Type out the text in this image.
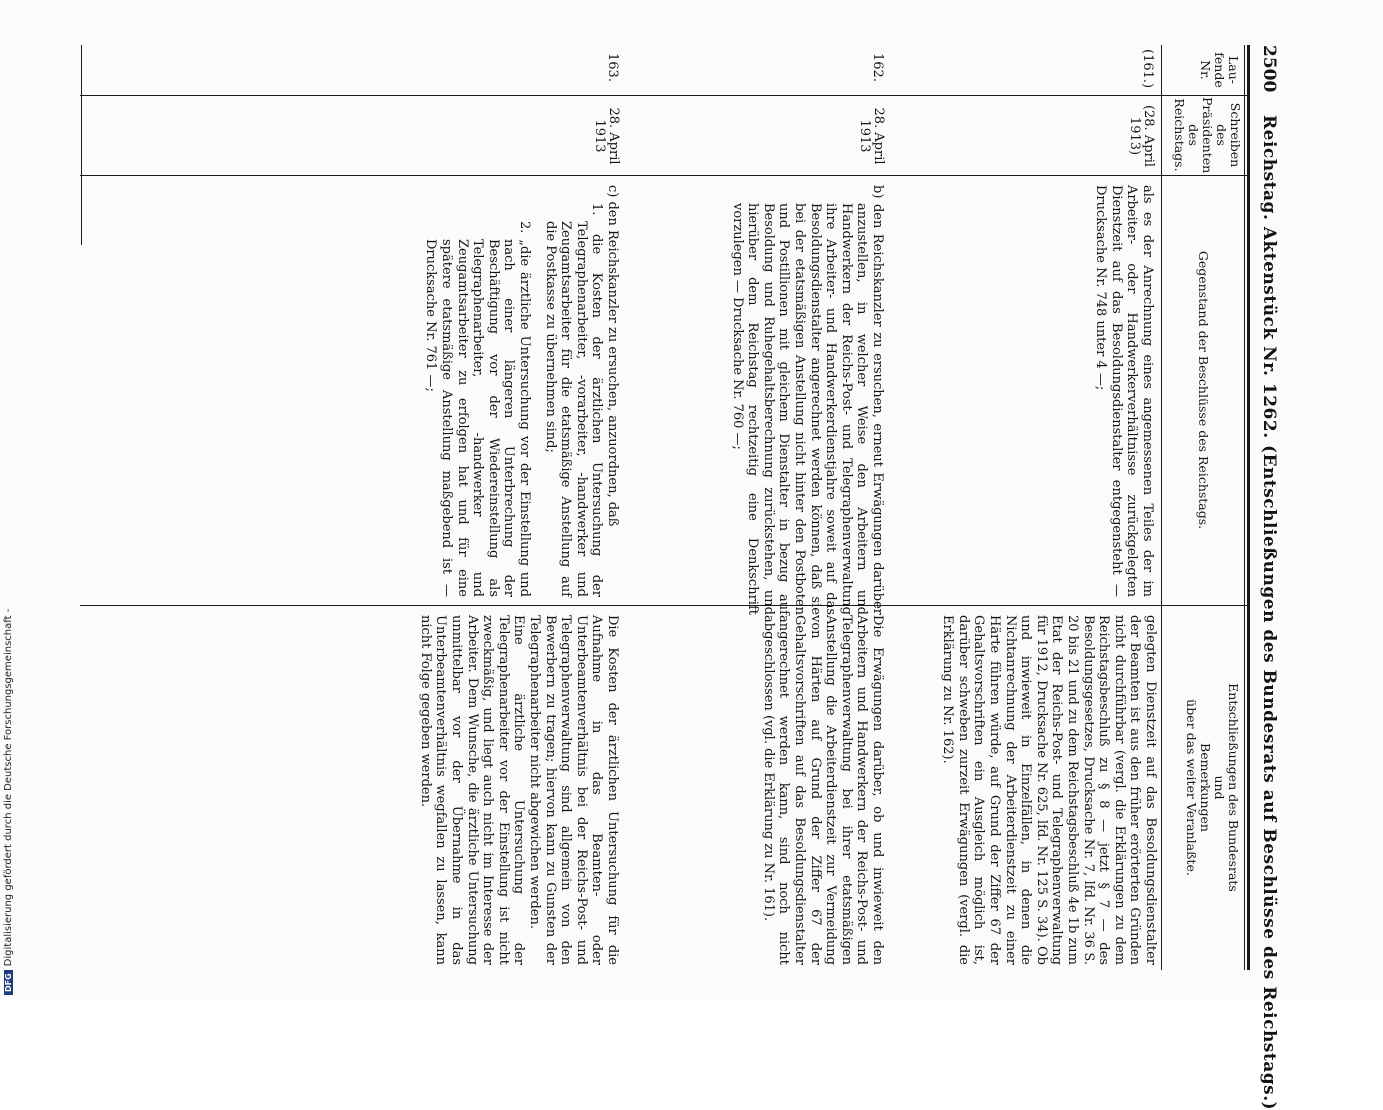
2500
Reichstag. Aktenstück Nr. 1262. (Entschließungen des Bundesrats auf Beschlüsse des Reichstags.)
Lau-
fende
Nr.
Schreiben
des
Präsidenten
des
Reichstags.
Gegenstand der Beschlüsse des Reichstags.
Entschließungen des Bundesrats
und
Bemerkungen
über das weiter Veranlaßte.
(161.)
(28. April
1913)

als es der Anrechnung eines angemessenen Teiles der im Arbeiter- oder Handwerkerverhältnisse zurückgelegten Dienstzeit auf das Besoldungsdienstalter entgegensteht — Drucksache Nr. 748 unter 4 —;

gelegten Dienstzeit auf das Besoldungsdienstalter der Beamten ist aus den früher erörterten Gründen nicht durchführbar (vergl. die Erklärungen zu dem Reichstagsbeschluß zu § 8 — jetzt § 7 — des Besoldungsgesetzes, Drucksache Nr. 7, lfd. Nr. 36 S. 20 bis 21 und zu dem Reichstagsbeschluß 4e 1b zum Etat der Reichs-Post- und Telegraphenverwaltung für 1912, Drucksache Nr. 625, lfd. Nr. 125 S. 34). Ob und inwieweit in Einzelfällen, in denen die Nichtanrechnung der Arbeiterdienstzeit zu einer Härte führen würde, auf Grund der Ziffer 67 der Gehaltsvorschriften ein Ausgleich möglich ist, darüber schweben zurzeit Erwägungen (vergl. die Erklärung zu Nr. 162).

162.
28. April
1913

b) den Reichskanzler zu ersuchen, erneut Erwägungen darüber anzustellen, in welcher Weise den Arbeitern und Handwerkern der Reichs-Post- und Telegraphenverwaltung ihre Arbeiter- und Handwerkerdienstjahre soweit auf das Besoldungsdienstalter angerechnet werden können, daß sie bei der etatsmäßigen Anstellung nicht hinter den Postboten und Postillionen mit gleichem Dienstalter in bezug auf Besoldung und Ruhegehaltsberechnung zurückstehen, und hierüber dem Reichstag rechtzeitig eine Denkschrift vorzulegen — Drucksache Nr. 760 —;

Die Erwägungen darüber, ob und inwieweit den Arbeitern und Handwerkern der Reichs-Post- und Telegraphenverwaltung bei ihrer etatsmäßigen Anstellung die Arbeiterdienstzeit zur Vermeidung von Härten auf Grund der Ziffer 67 der Gehaltsvorschriften auf das Besoldungsdienstalter angerechnet werden kann, sind noch nicht abgeschlossen (vgl. die Erklärung zu Nr. 161).

163.
28. April
1913

c) den Reichskanzler zu ersuchen, anzuordnen, daß

1. die Kosten der ärztlichen Untersuchung der Telegraphenarbeiter, -vorarbeiter, -handwerker und Zeugamtsarbeiter für die etatsmäßige Anstellung auf die Postkasse zu übernehmen sind;

2. „die ärztliche Untersuchung vor der Einstellung und nach einer längeren Unterbrechung der Beschäftigung vor der Wiedereinstellung als Telegraphenarbeiter, -handwerker und Zeugamtsarbeiter zu erfolgen hat und für eine spätere etatsmäßige Anstellung maßgebend ist — Drucksache Nr. 761 —;

Die Kosten der ärztlichen Untersuchung für die Aufnahme in das Beamten- oder Unterbeamtenverhältnis bei der Reichs-Post- und Telegraphenverwaltung sind allgemein von den Bewerbern zu tragen; hiervon kann zu Gunsten der Telegraphenarbeiter nicht abgewichen werden.

Eine ärztliche Untersuchung der Telegraphenarbeiter vor der Einstellung ist nicht zweckmäßig, und liegt auch nicht im Interesse der Arbeiter. Dem Wunsche, die ärztliche Untersuchung unmittelbar vor der Übernahme in das Unterbeamtenverhältnis wegfallen zu lassen, kann nicht Folge gegeben werden.

DFGDigitalisierung gefördert durch die Deutsche Forschungsgemeinschaft -
